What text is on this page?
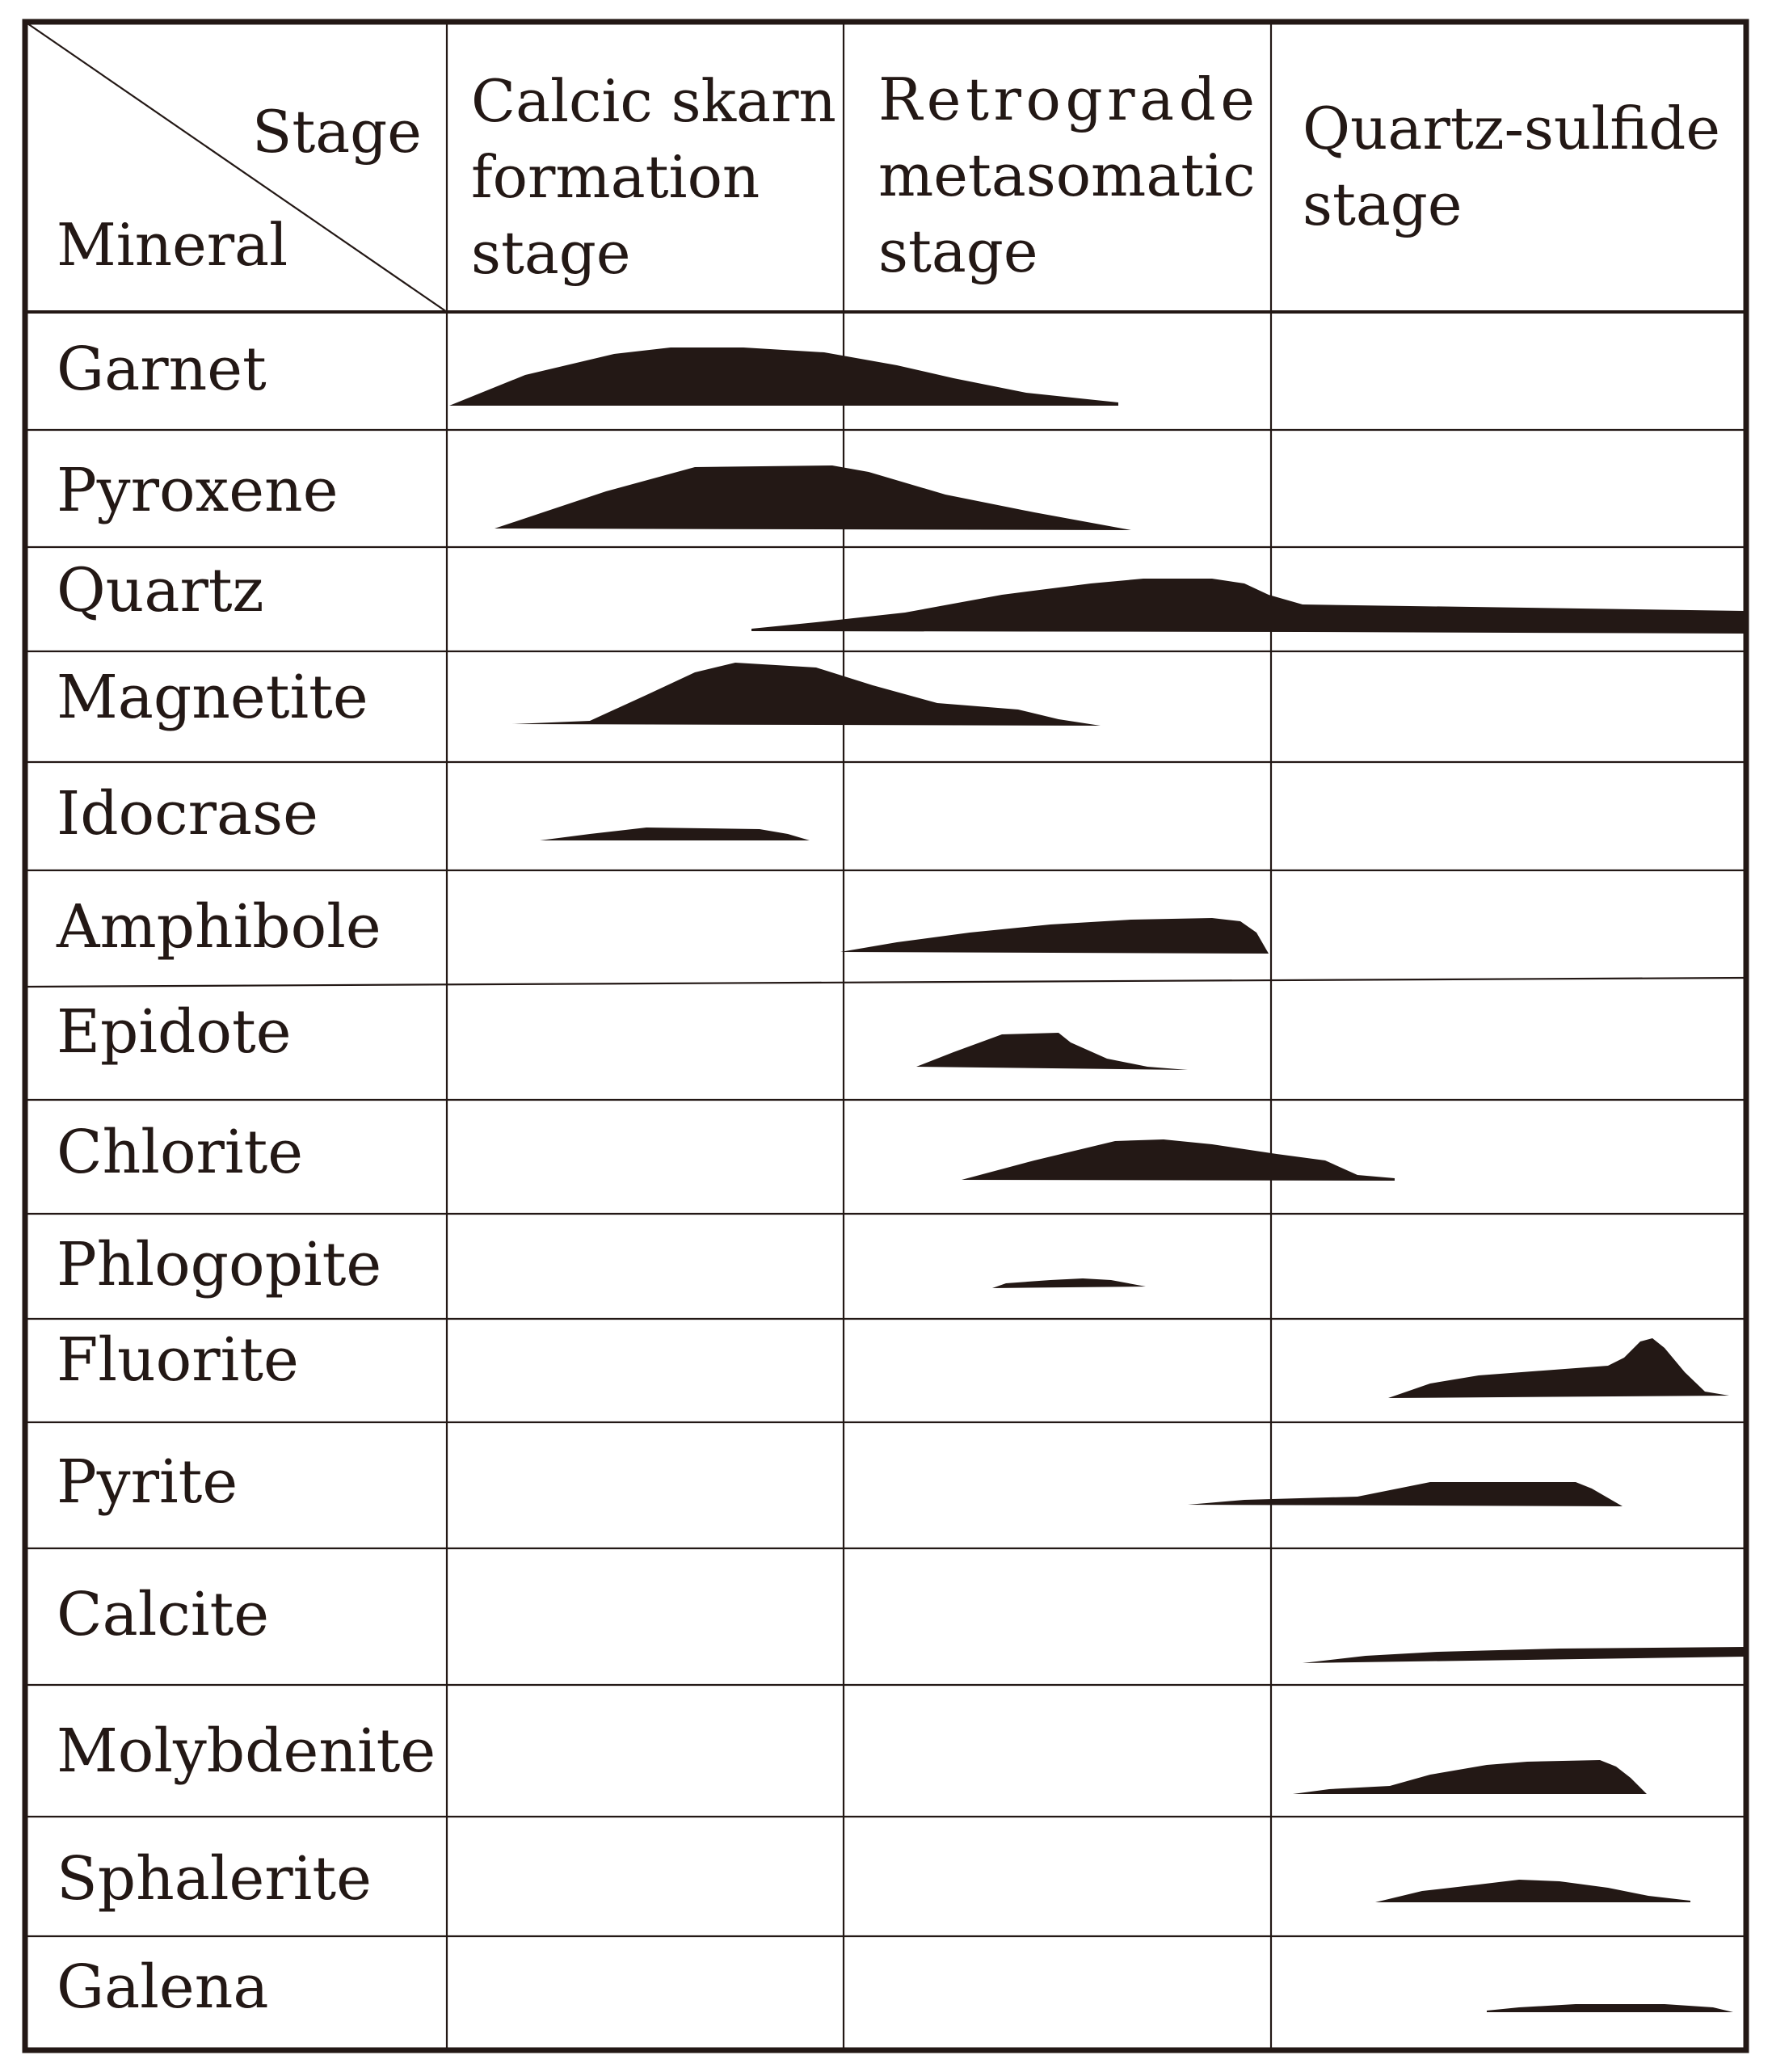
Stage
Mineral
Calcic skarn
formation
stage
Retrograde
metasomatic
stage
Quartz-sulfide
stage
Garnet
Pyroxene
Quartz
Magnetite
Idocrase
Amphibole
Epidote
Chlorite
Phlogopite
Fluorite
Pyrite
Calcite
Molybdenite
Sphalerite
Galena
